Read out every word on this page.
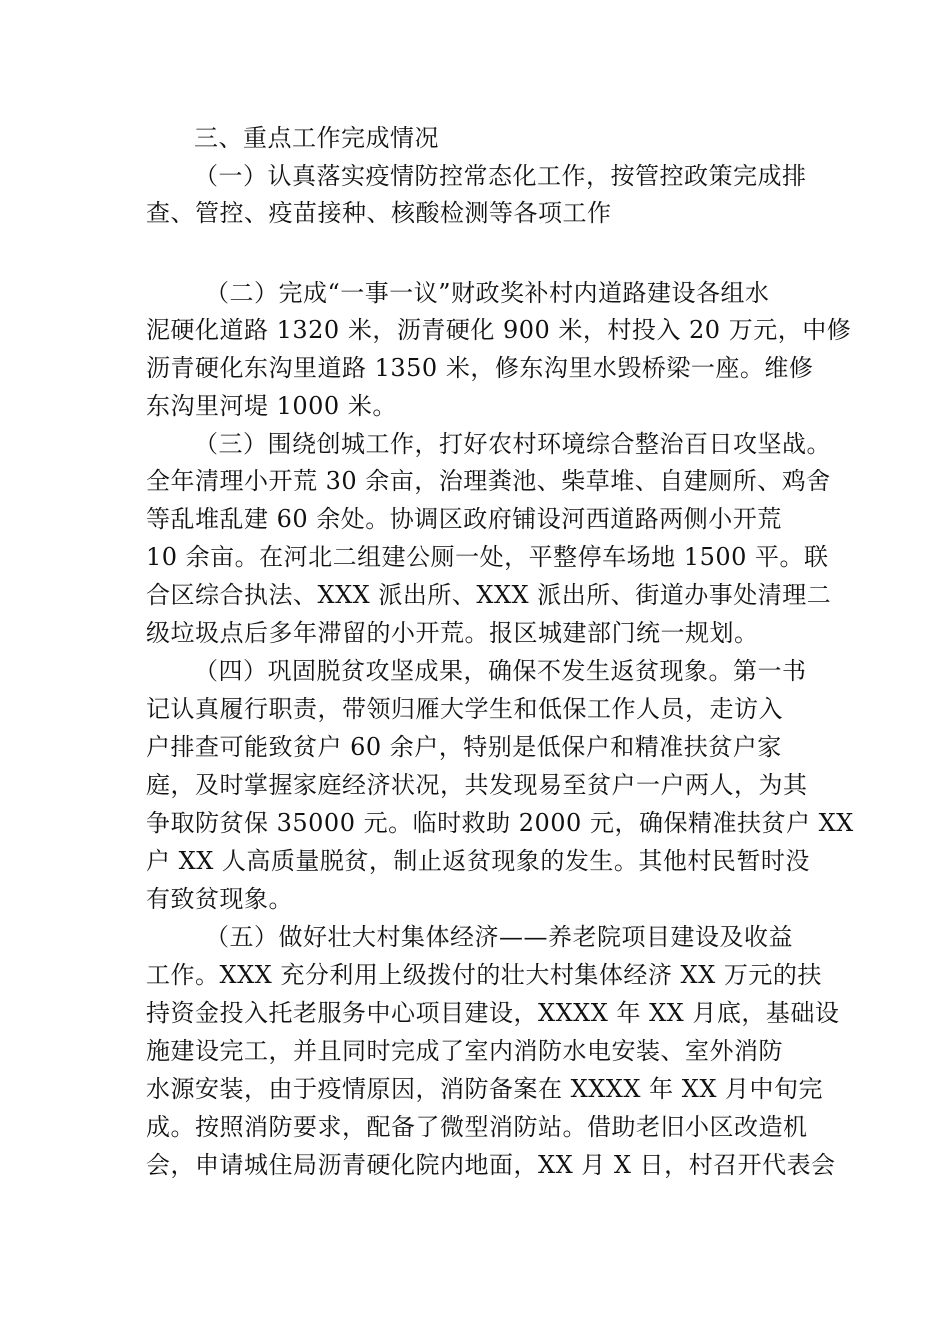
三、重点工作完成情况
（一）认真落实疫情防控常态化工作，按管控政策完成排
查、管控、疫苗接种、核酸检测等各项工作
（二）完成“一事一议”财政奖补村内道路建设各组水
泥硬化道路 1320 米，沥青硬化 900 米，村投入 20 万元，中修
沥青硬化东沟里道路 1350 米，修东沟里水毁桥梁一座。维修
东沟里河堤 1000 米。
（三）围绕创城工作，打好农村环境综合整治百日攻坚战。
全年清理小开荒 30 余亩，治理粪池、柴草堆、自建厕所、鸡舍
等乱堆乱建 60 余处。协调区政府铺设河西道路两侧小开荒
10 余亩。在河北二组建公厕一处，平整停车场地 1500 平。联
合区综合执法、XXX 派出所、XXX 派出所、街道办事处清理二
级垃圾点后多年滞留的小开荒。报区城建部门统一规划。
（四）巩固脱贫攻坚成果，确保不发生返贫现象。第一书
记认真履行职责，带领归雁大学生和低保工作人员，走访入
户排查可能致贫户 60 余户，特别是低保户和精准扶贫户家
庭，及时掌握家庭经济状况，共发现易至贫户一户两人，为其
争取防贫保 35000 元。临时救助 2000 元，确保精准扶贫户 XX
户 XX 人高质量脱贫，制止返贫现象的发生。其他村民暂时没
有致贫现象。
（五）做好壮大村集体经济——养老院项目建设及收益
工作。XXX 充分利用上级拨付的壮大村集体经济 XX 万元的扶
持资金投入托老服务中心项目建设，XXXX 年 XX 月底，基础设
施建设完工，并且同时完成了室内消防水电安装、室外消防
水源安装，由于疫情原因，消防备案在 XXXX 年 XX 月中旬完
成。按照消防要求，配备了微型消防站。借助老旧小区改造机
会，申请城住局沥青硬化院内地面，XX 月 X 日，村召开代表会
